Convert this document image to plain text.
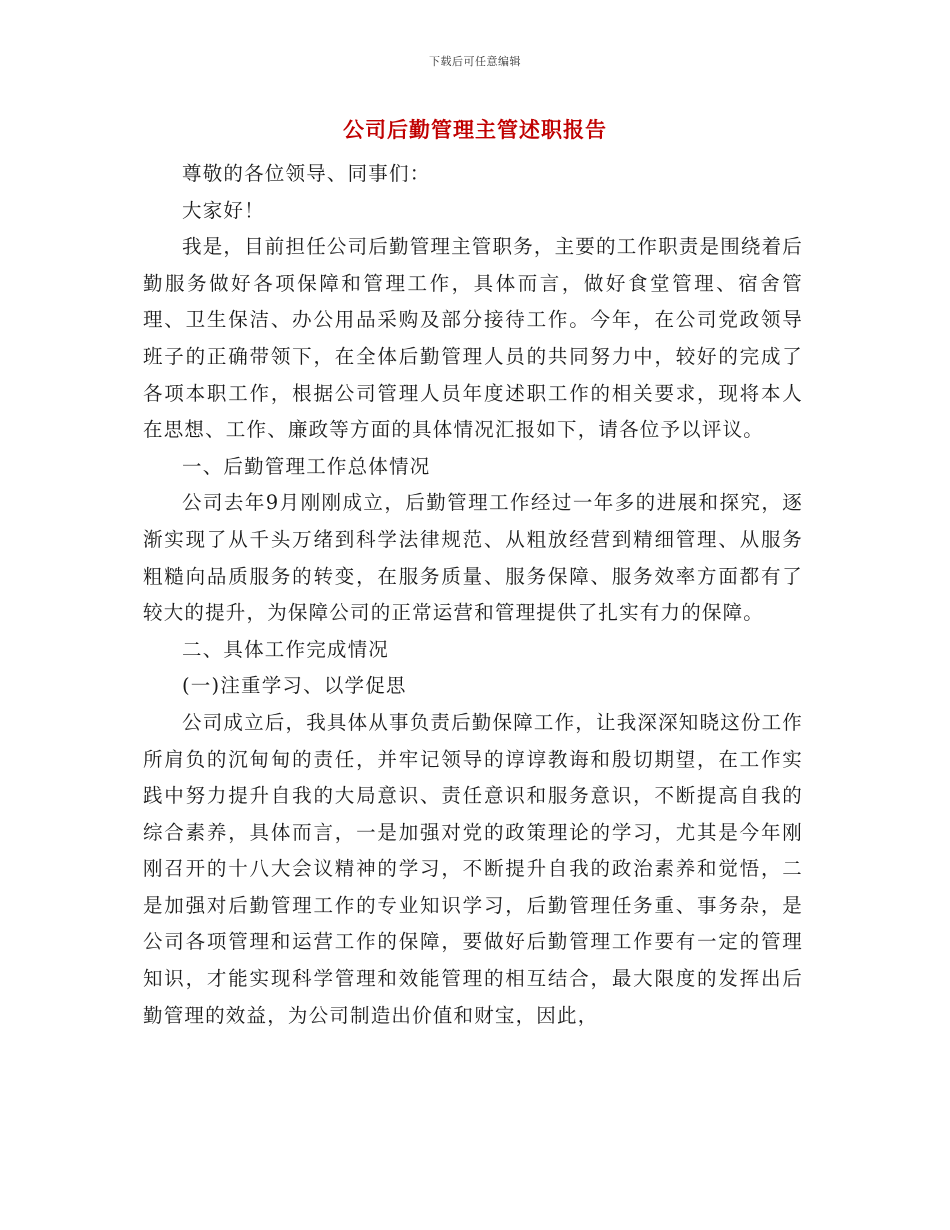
下载后可任意编辑
公司后勤管理主管述职报告

尊敬的各位领导、同事们：

大家好！

我是，目前担任公司后勤管理主管职务，主要的工作职责是围绕着后勤服务做好各项保障和管理工作，具体而言，做好食堂管理、宿舍管理、卫生保洁、办公用品采购及部分接待工作。今年，在公司党政领导班子的正确带领下，在全体后勤管理人员的共同努力中，较好的完成了各项本职工作，根据公司管理人员年度述职工作的相关要求，现将本人在思想、工作、廉政等方面的具体情况汇报如下，请各位予以评议。

一、后勤管理工作总体情况

公司去年9月刚刚成立，后勤管理工作经过一年多的进展和探究，逐渐实现了从千头万绪到科学法律规范、从粗放经营到精细管理、从服务粗糙向品质服务的转变，在服务质量、服务保障、服务效率方面都有了较大的提升，为保障公司的正常运营和管理提供了扎实有力的保障。

二、具体工作完成情况

(一)注重学习、以学促思

公司成立后，我具体从事负责后勤保障工作，让我深深知晓这份工作所肩负的沉甸甸的责任，并牢记领导的谆谆教诲和殷切期望，在工作实践中努力提升自我的大局意识、责任意识和服务意识，不断提高自我的综合素养，具体而言，一是加强对党的政策理论的学习，尤其是今年刚刚召开的十八大会议精神的学习，不断提升自我的政治素养和觉悟，二是加强对后勤管理工作的专业知识学习，后勤管理任务重、事务杂，是公司各项管理和运营工作的保障，要做好后勤管理工作要有一定的管理知识，才能实现科学管理和效能管理的相互结合，最大限度的发挥出后勤管理的效益，为公司制造出价值和财宝，因此，
